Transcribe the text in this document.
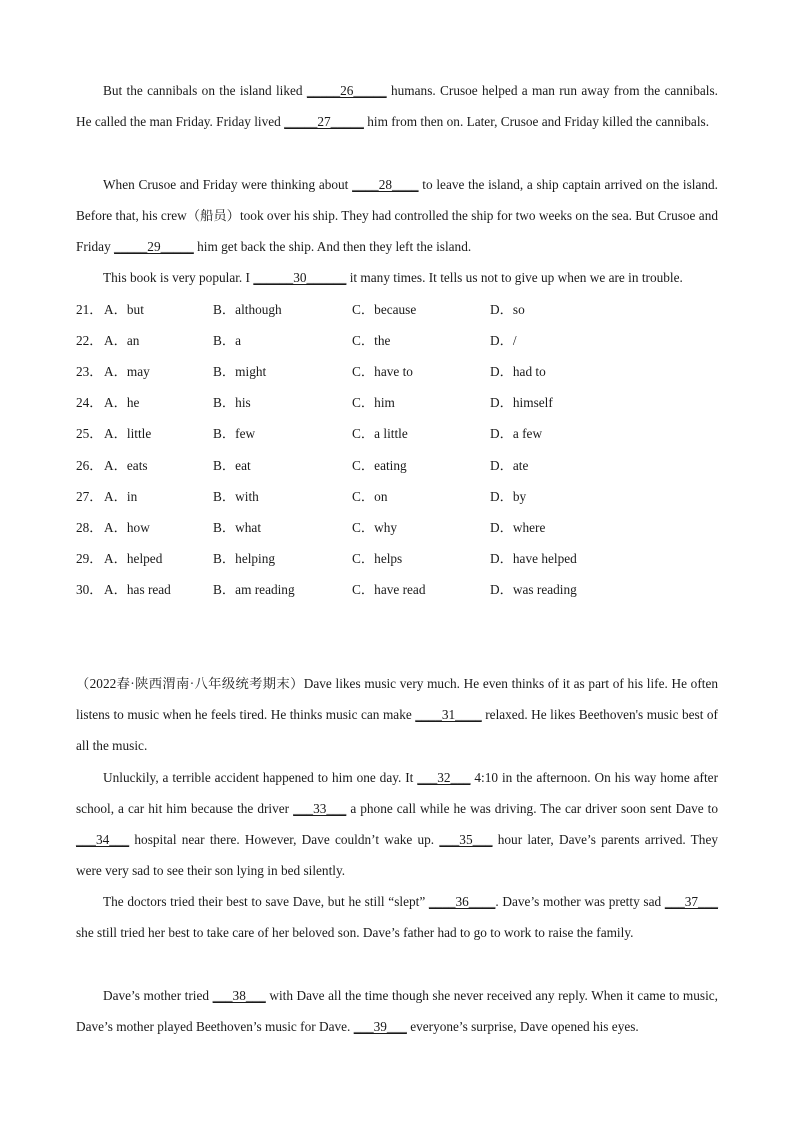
But the cannibals on the island liked _____26_____ humans. Crusoe helped a man run away from the cannibals. He called the man Friday. Friday lived _____27_____ him from then on. Later, Crusoe and Friday killed the cannibals.
When Crusoe and Friday were thinking about ____28____ to leave the island, a ship captain arrived on the island. Before that, his crew（船员）took over his ship. They had controlled the ship for two weeks on the sea. But Crusoe and Friday _____29_____ him get back the ship. And then they left the island.
This book is very popular. I ______30______ it many times. It tells us not to give up when we are in trouble.
21． A．but	B．although	C．because	D．so
22． A．an	B．a	C．the	D．/
23． A．may	B．might	C．have to	D．had to
24． A．he	B．his	C．him	D．himself
25． A．little	B．few	C．a little	D．a few
26． A．eats	B．eat	C．eating	D．ate
27． A．in	B．with	C．on	D．by
28． A．how	B．what	C．why	D．where
29． A．helped	B．helping	C．helps	D．have helped
30． A．has read	B．am reading	C．have read	D．was reading
（2022春·陕西渭南·八年级统考期末）Dave likes music very much. He even thinks of it as part of his life. He often listens to music when he feels tired. He thinks music can make ____31____ relaxed. He likes Beethoven's music best of all the music.
Unluckily, a terrible accident happened to him one day. It ___32___ 4:10 in the afternoon. On his way home after school, a car hit him because the driver ___33___ a phone call while he was driving. The car driver soon sent Dave to ___34___ hospital near there. However, Dave couldn’t wake up. ___35___ hour later, Dave’s parents arrived. They were very sad to see their son lying in bed silently.
The doctors tried their best to save Dave, but he still “slept” ____36____. Dave’s mother was pretty sad ___37___ she still tried her best to take care of her beloved son. Dave’s father had to go to work to raise the family.
Dave’s mother tried ___38___ with Dave all the time though she never received any reply. When it came to music, Dave’s mother played Beethoven’s music for Dave. ___39___ everyone’s surprise, Dave opened his eyes.
